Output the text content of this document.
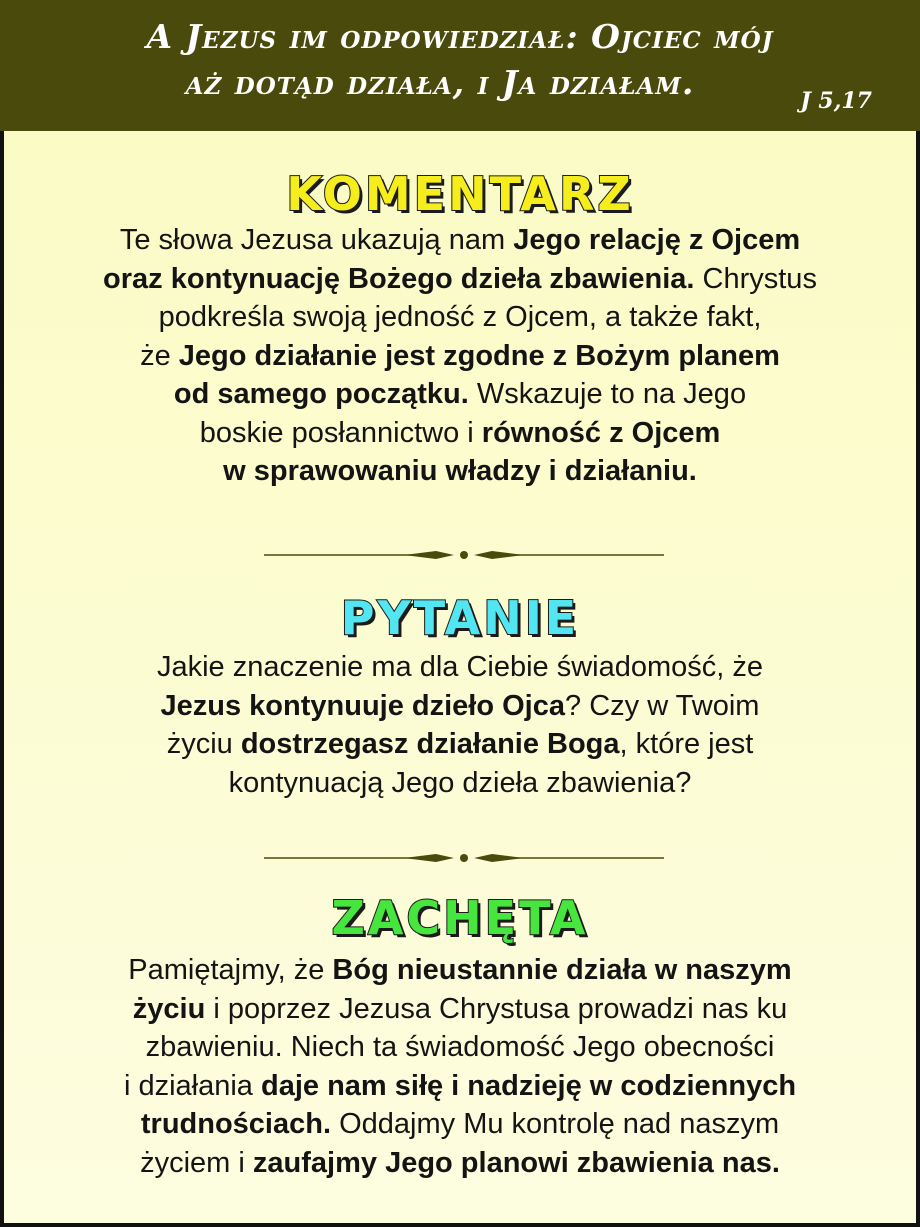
A Jezus im odpowiedział: Ojciec mój
aż dotąd działa, i Ja działam.	J 5,17
KOMENTARZ
Te słowa Jezusa ukazują nam Jego relację z Ojcem
oraz kontynuację Bożego dzieła zbawienia. Chrystus
podkreśla swoją jedność z Ojcem, a także fakt,
że Jego działanie jest zgodne z Bożym planem
od samego początku. Wskazuje to na Jego
boskie posłannictwo i równość z Ojcem
w sprawowaniu władzy i działaniu.
PYTANIE
Jakie znaczenie ma dla Ciebie świadomość, że
Jezus kontynuuje dzieło Ojca? Czy w Twoim
życiu dostrzegasz działanie Boga, które jest
kontynuacją Jego dzieła zbawienia?
ZACHĘTA
Pamiętajmy, że Bóg nieustannie działa w naszym
życiu i poprzez Jezusa Chrystusa prowadzi nas ku
zbawieniu. Niech ta świadomość Jego obecności
i działania daje nam siłę i nadzieję w codziennych
trudnościach. Oddajmy Mu kontrolę nad naszym
życiem i zaufajmy Jego planowi zbawienia nas.
